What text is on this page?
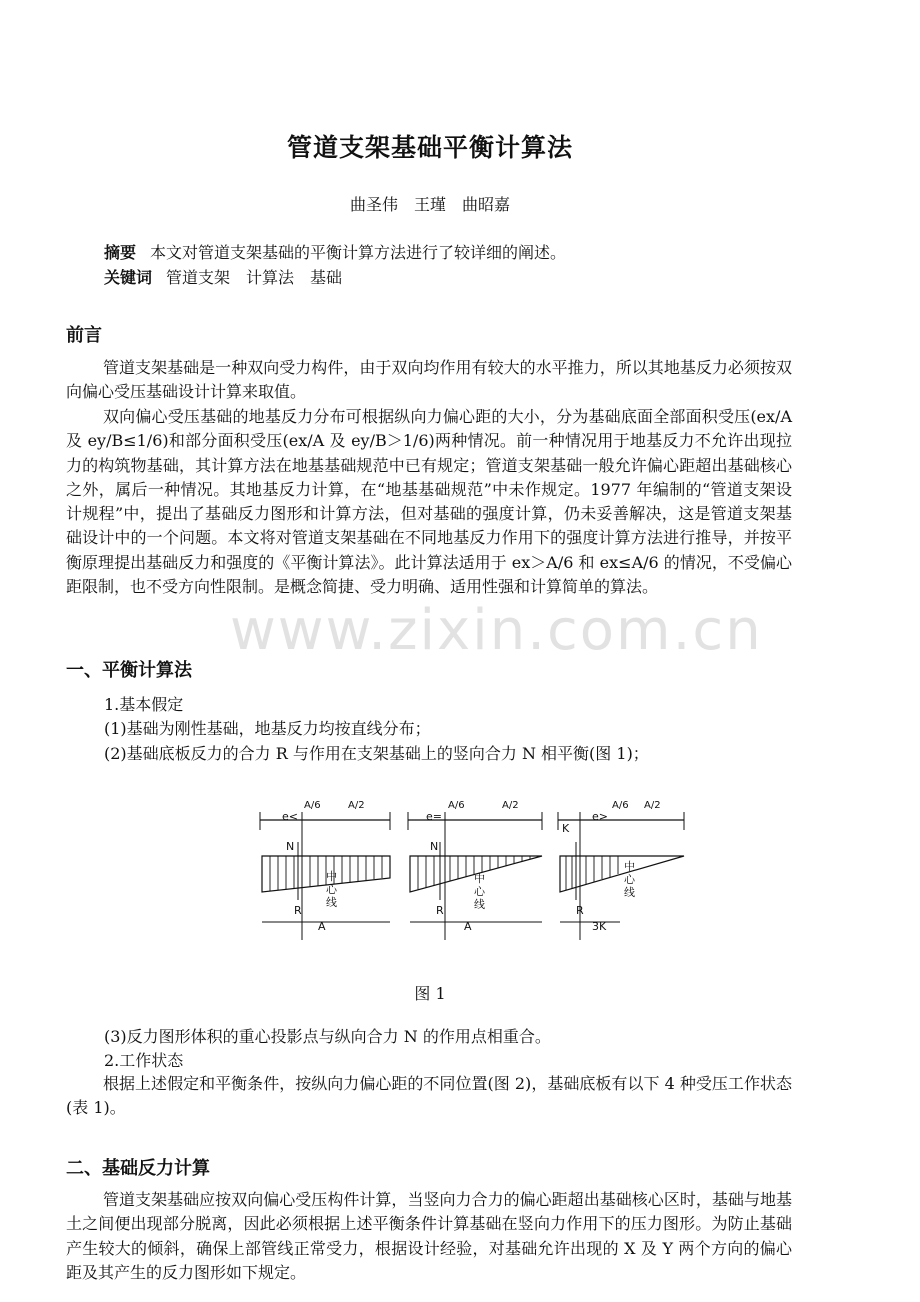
管道支架基础平衡计算法
曲圣伟　王瑾　曲昭嘉
摘要 本文对管道支架基础的平衡计算方法进行了较详细的阐述。
关键词 管道支架　计算法　基础
前言
管道支架基础是一种双向受力构件，由于双向均作用有较大的水平推力，所以其地基反力必须按双向偏心受压基础设计计算来取值。
双向偏心受压基础的地基反力分布可根据纵向力偏心距的大小，分为基础底面全部面积受压(ex/A 及 ey/B≤1/6)和部分面积受压(ex/A 及 ey/B＞1/6)两种情况。前一种情况用于地基反力不允许出现拉力的构筑物基础，其计算方法在地基基础规范中已有规定；管道支架基础一般允许偏心距超出基础核心之外，属后一种情况。其地基反力计算，在“地基基础规范”中未作规定。1977 年编制的“管道支架设计规程”中，提出了基础反力图形和计算方法，但对基础的强度计算，仍未妥善解决，这是管道支架基础设计中的一个问题。本文将对管道支架基础在不同地基反力作用下的强度计算方法进行推导，并按平衡原理提出基础反力和强度的《平衡计算法》。此计算法适用于 ex＞A/6 和 ex≤A/6 的情况，不受偏心距限制，也不受方向性限制。是概念简捷、受力明确、适用性强和计算简单的算法。
www.zixin.com.cn
一、平衡计算法
1.基本假定
(1)基础为刚性基础，地基反力均按直线分布；
(2)基础底板反力的合力 R 与作用在支架基础上的竖向合力 N 相平衡(图 1)；
e<
A/6	A/2
N
R
中心线
A
e=
A/6	A/2
N
R
中心线
A
K
e>
A/6 A/2
R
中心线
3K
图 1
(3)反力图形体积的重心投影点与纵向合力 N 的作用点相重合。
2.工作状态
根据上述假定和平衡条件，按纵向力偏心距的不同位置(图 2)，基础底板有以下 4 种受压工作状态(表 1)。
二、基础反力计算
管道支架基础应按双向偏心受压构件计算，当竖向力合力的偏心距超出基础核心区时，基础与地基土之间便出现部分脱离，因此必须根据上述平衡条件计算基础在竖向力作用下的压力图形。为防止基础产生较大的倾斜，确保上部管线正常受力，根据设计经验，对基础允许出现的 X 及 Y 两个方向的偏心距及其产生的反力图形如下规定。
